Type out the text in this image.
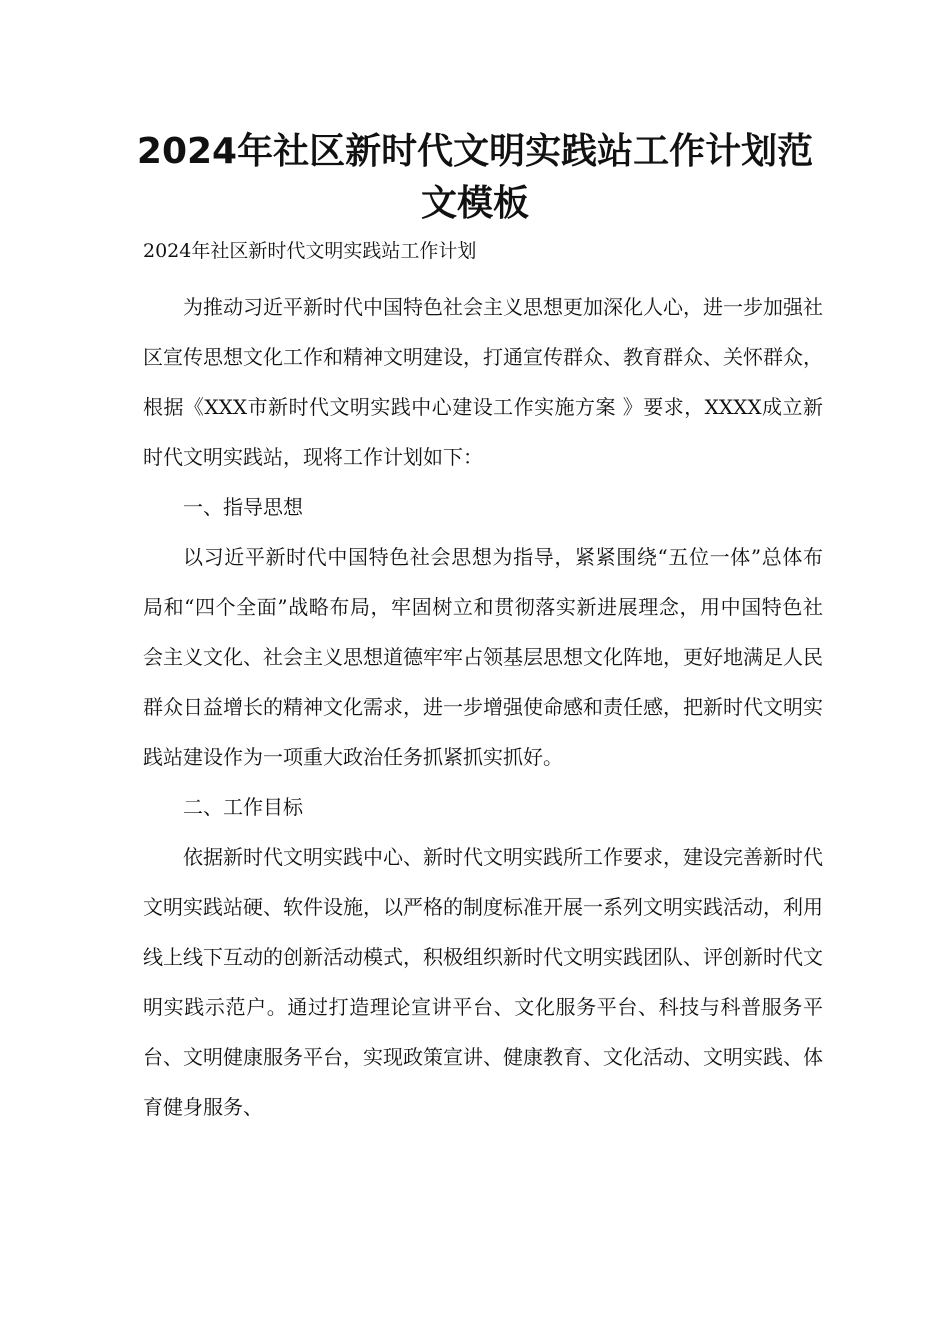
2024年社区新时代文明实践站工作计划范文模板

2024年社区新时代文明实践站工作计划

为推动习近平新时代中国特色社会主义思想更加深化人心，进一步加强社区宣传思想文化工作和精神文明建设，打通宣传群众、教育群众、关怀群众，根据《XXX市新时代文明实践中心建设工作实施方案 》要求，XXXX成立新时代文明实践站，现将工作计划如下：

一、指导思想

以习近平新时代中国特色社会思想为指导，紧紧围绕“五位一体”总体布局和“四个全面”战略布局，牢固树立和贯彻落实新进展理念，用中国特色社会主义文化、社会主义思想道德牢牢占领基层思想文化阵地，更好地满足人民群众日益增长的精神文化需求，进一步增强使命感和责任感，把新时代文明实践站建设作为一项重大政治任务抓紧抓实抓好。

二、工作目标

依据新时代文明实践中心、新时代文明实践所工作要求，建设完善新时代文明实践站硬、软件设施，以严格的制度标准开展一系列文明实践活动，利用线上线下互动的创新活动模式，积极组织新时代文明实践团队、评创新时代文明实践示范户。通过打造理论宣讲平台、文化服务平台、科技与科普服务平台、文明健康服务平台，实现政策宣讲、健康教育、文化活动、文明实践、体育健身服务、
